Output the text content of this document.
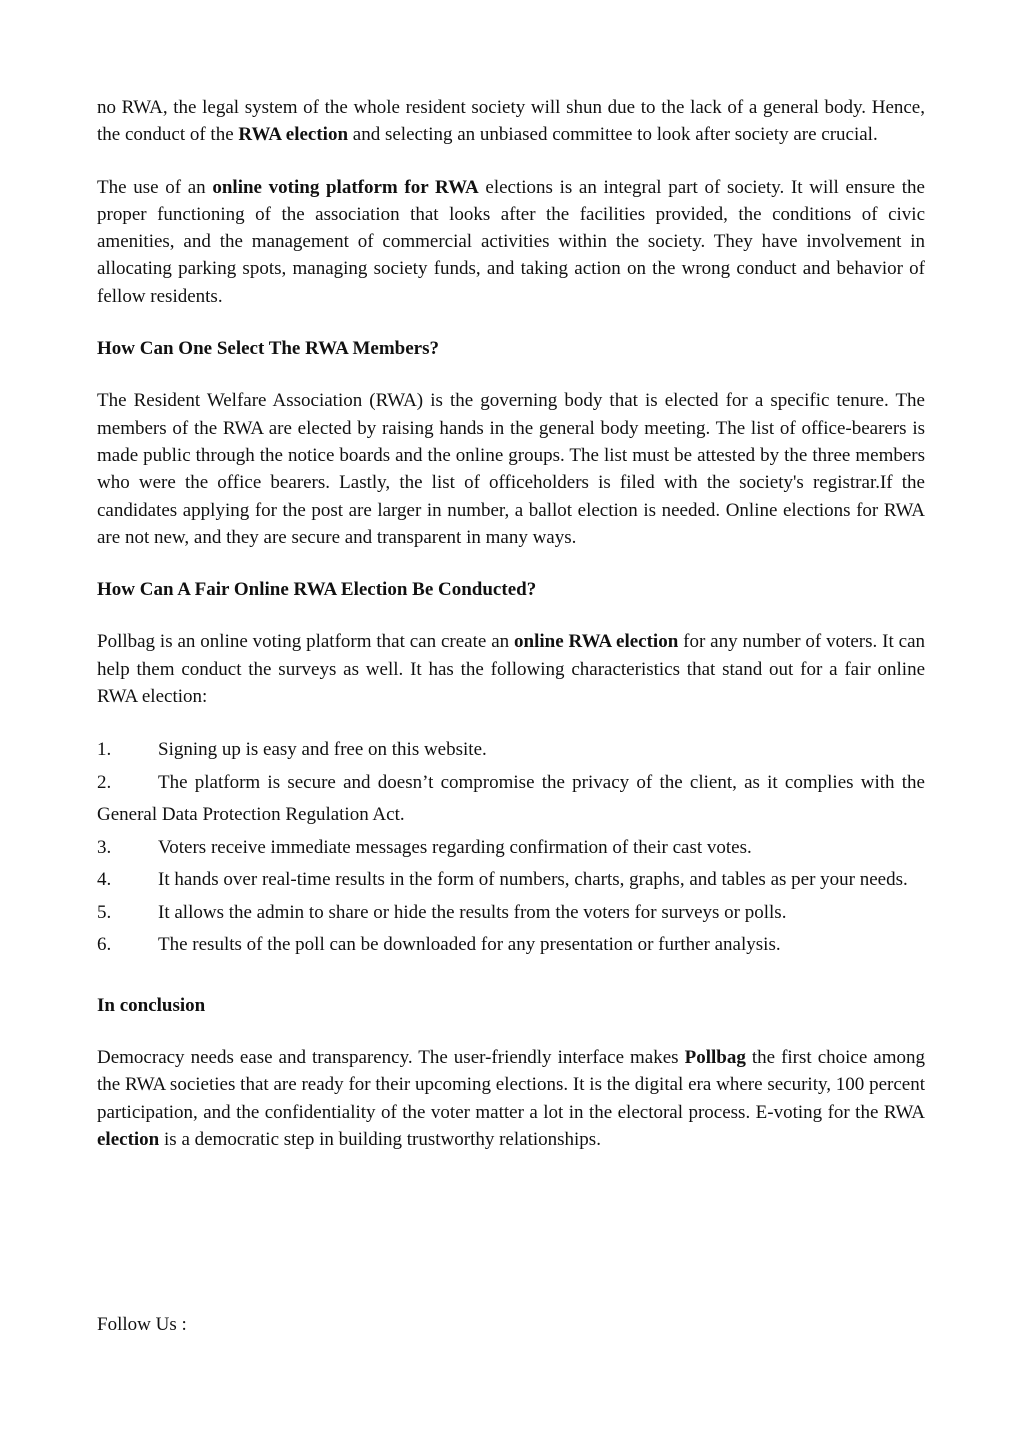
no RWA, the legal system of the whole resident society will shun due to the lack of a general body. Hence, the conduct of the RWA election and selecting an unbiased committee to look after society are crucial.

The use of an online voting platform for RWA elections is an integral part of society. It will ensure the proper functioning of the association that looks after the facilities provided, the conditions of civic amenities, and the management of commercial activities within the society. They have involvement in allocating parking spots, managing society funds, and taking action on the wrong conduct and behavior of fellow residents.

How Can One Select The RWA Members?

The Resident Welfare Association (RWA) is the governing body that is elected for a specific tenure. The members of the RWA are elected by raising hands in the general body meeting. The list of office-bearers is made public through the notice boards and the online groups. The list must be attested by the three members who were the office bearers. Lastly, the list of officeholders is filed with the society's registrar.If the candidates applying for the post are larger in number, a ballot election is needed. Online elections for RWA are not new, and they are secure and transparent in many ways.

How Can A Fair Online RWA Election Be Conducted?

Pollbag is an online voting platform that can create an online RWA election for any number of voters. It can help them conduct the surveys as well. It has the following characteristics that stand out for a fair online RWA election:

1. Signing up is easy and free on this website.

2. The platform is secure and doesn’t compromise the privacy of the client, as it complies with the General Data Protection Regulation Act.

3. Voters receive immediate messages regarding confirmation of their cast votes.

4. It hands over real-time results in the form of numbers, charts, graphs, and tables as per your needs.

5. It allows the admin to share or hide the results from the voters for surveys or polls.

6. The results of the poll can be downloaded for any presentation or further analysis.

In conclusion

Democracy needs ease and transparency. The user-friendly interface makes Pollbag the first choice among the RWA societies that are ready for their upcoming elections. It is the digital era where security, 100 percent participation, and the confidentiality of the voter matter a lot in the electoral process. E-voting for the RWA election is a democratic step in building trustworthy relationships.

Follow Us :
